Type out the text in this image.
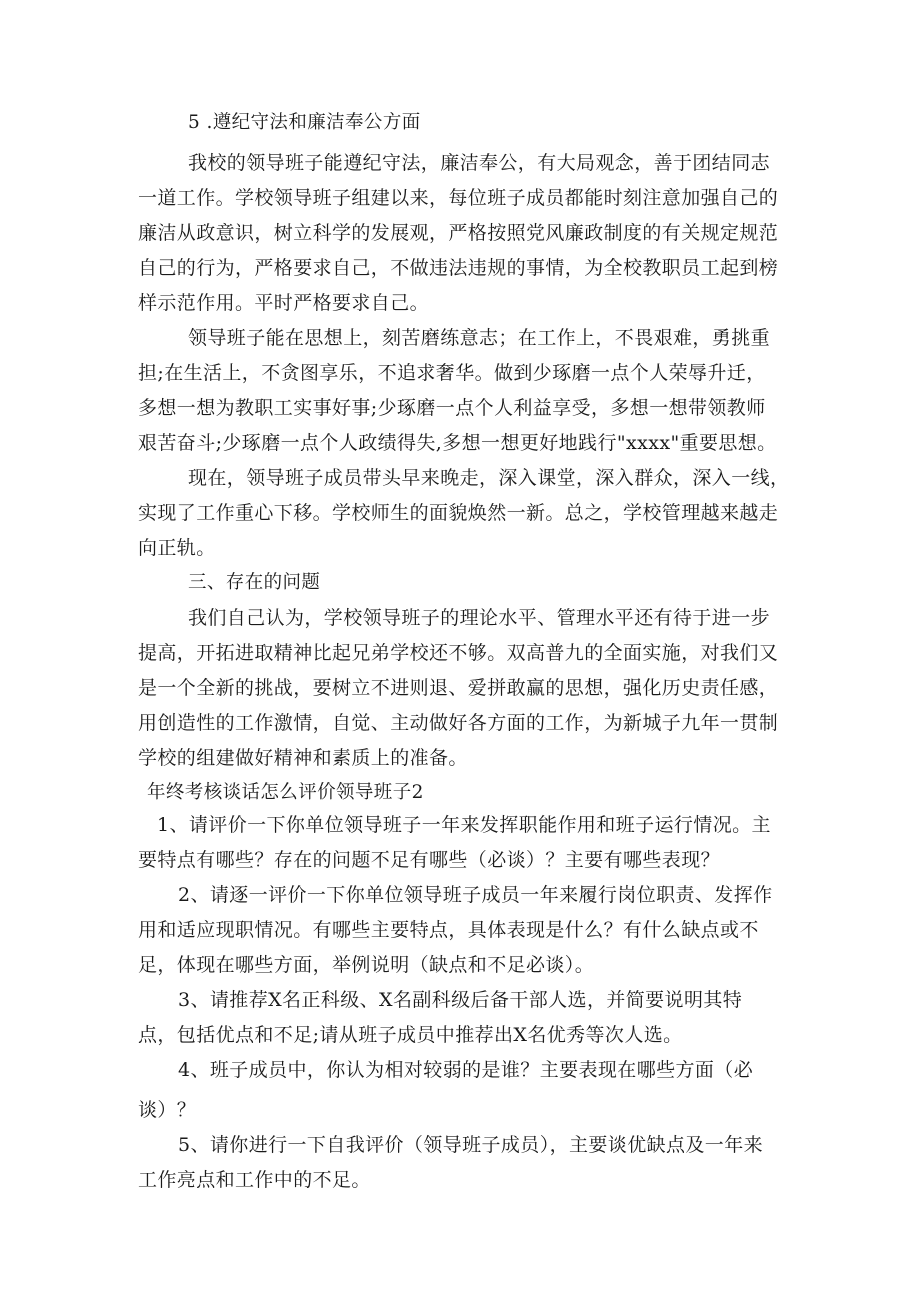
5 .遵纪守法和廉洁奉公方面
我校的领导班子能遵纪守法，廉洁奉公，有大局观念，善于团结同志
一道工作。学校领导班子组建以来，每位班子成员都能时刻注意加强自己的
廉洁从政意识，树立科学的发展观，严格按照党风廉政制度的有关规定规范
自己的行为，严格要求自己，不做违法违规的事情，为全校教职员工起到榜
样示范作用。平时严格要求自己。
领导班子能在思想上，刻苦磨练意志；在工作上，不畏艰难，勇挑重
担;在生活上，不贪图享乐，不追求奢华。做到少琢磨一点个人荣辱升迁，
多想一想为教职工实事好事;少琢磨一点个人利益享受，多想一想带领教师
艰苦奋斗;少琢磨一点个人政绩得失,多想一想更好地践行"xxxx"重要思想。
现在，领导班子成员带头早来晚走，深入课堂，深入群众，深入一线，
实现了工作重心下移。学校师生的面貌焕然一新。总之，学校管理越来越走
向正轨。
三、存在的问题
我们自己认为，学校领导班子的理论水平、管理水平还有待于进一步
提高，开拓进取精神比起兄弟学校还不够。双高普九的全面实施，对我们又
是一个全新的挑战，要树立不进则退、爱拼敢赢的思想，强化历史责任感，
用创造性的工作激情，自觉、主动做好各方面的工作，为新城子九年一贯制
学校的组建做好精神和素质上的准备。
年终考核谈话怎么评价领导班子2
1、请评价一下你单位领导班子一年来发挥职能作用和班子运行情况。主
要特点有哪些？存在的问题不足有哪些（必谈）？主要有哪些表现？
2、请逐一评价一下你单位领导班子成员一年来履行岗位职责、发挥作
用和适应现职情况。有哪些主要特点，具体表现是什么？有什么缺点或不
足，体现在哪些方面，举例说明（缺点和不足必谈）。
3、请推荐X名正科级、X名副科级后备干部人选，并简要说明其特
点，包括优点和不足;请从班子成员中推荐出X名优秀等次人选。
4、班子成员中，你认为相对较弱的是谁？主要表现在哪些方面（必
谈）？
5、请你进行一下自我评价（领导班子成员），主要谈优缺点及一年来
工作亮点和工作中的不足。
